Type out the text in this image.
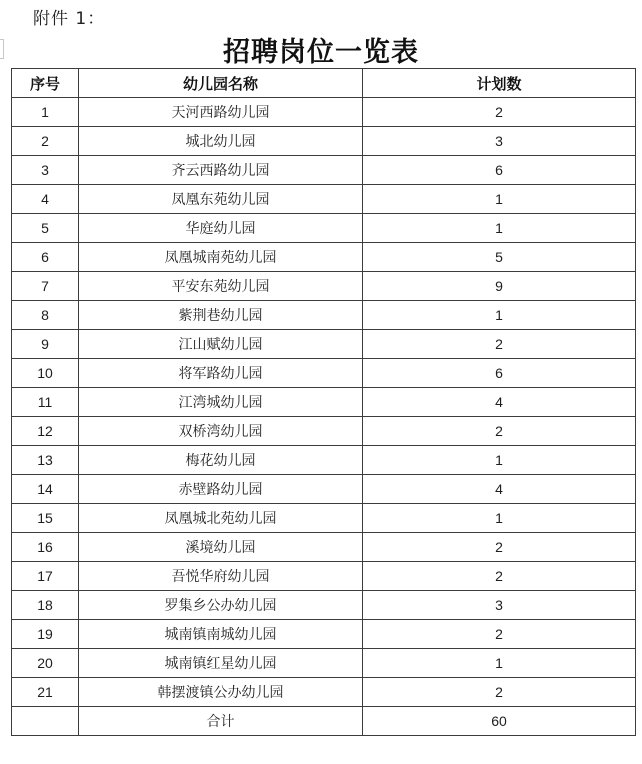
附件 1：
招聘岗位一览表
序号	幼儿园名称	计划数
1	天河西路幼儿园	2
2	城北幼儿园	3
3	齐云西路幼儿园	6
4	凤凰东苑幼儿园	1
5	华庭幼儿园	1
6	凤凰城南苑幼儿园	5
7	平安东苑幼儿园	9
8	紫荆巷幼儿园	1
9	江山赋幼儿园	2
10	将军路幼儿园	6
11	江湾城幼儿园	4
12	双桥湾幼儿园	2
13	梅花幼儿园	1
14	赤壁路幼儿园	4
15	凤凰城北苑幼儿园	1
16	溪境幼儿园	2
17	吾悦华府幼儿园	2
18	罗集乡公办幼儿园	3
19	城南镇南城幼儿园	2
20	城南镇红星幼儿园	1
21	韩摆渡镇公办幼儿园	2
	合计	60
